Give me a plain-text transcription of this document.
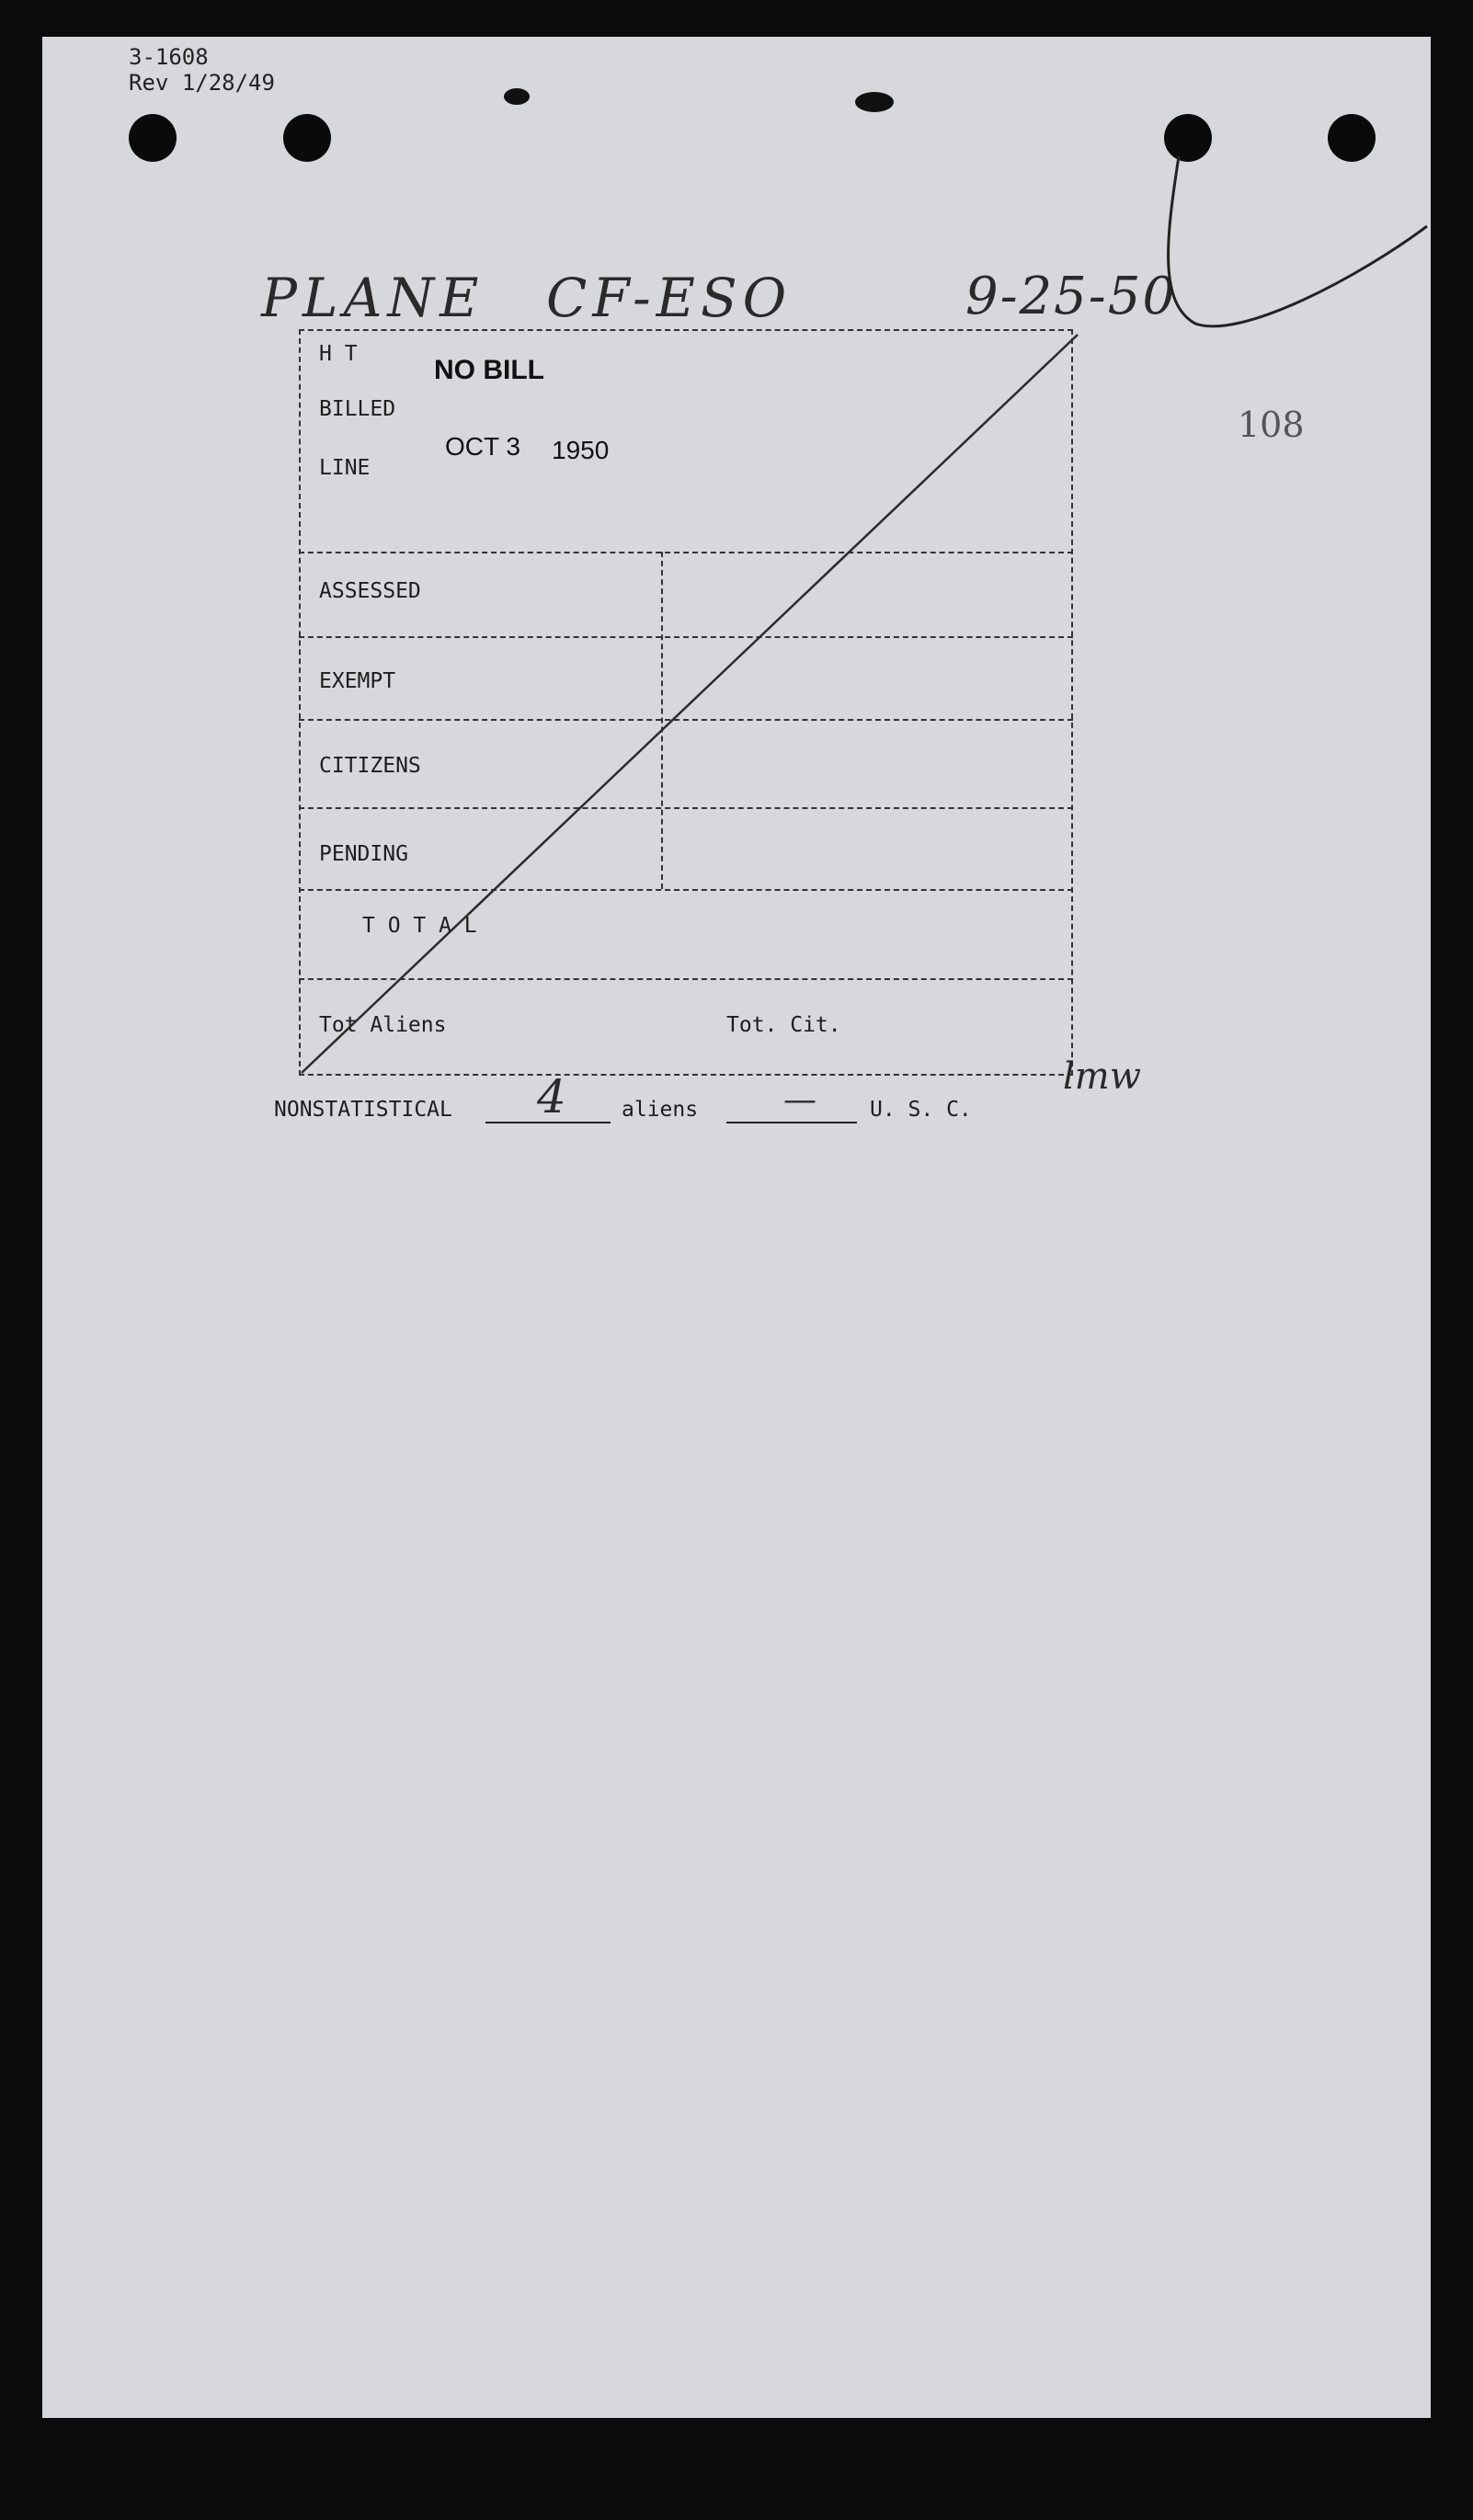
3-1608
Rev 1/28/49
PLANE CF-ESO	9-25-50
108
H T
BILLED
LINE
NO BILL
OCT 3 1950
ASSESSED
EXEMPT
CITIZENS
PENDING
T O T A L
Tot Aliens	Tot. Cit.
NONSTATISTICAL 4	aliens	—	U. S. C.
lmw
